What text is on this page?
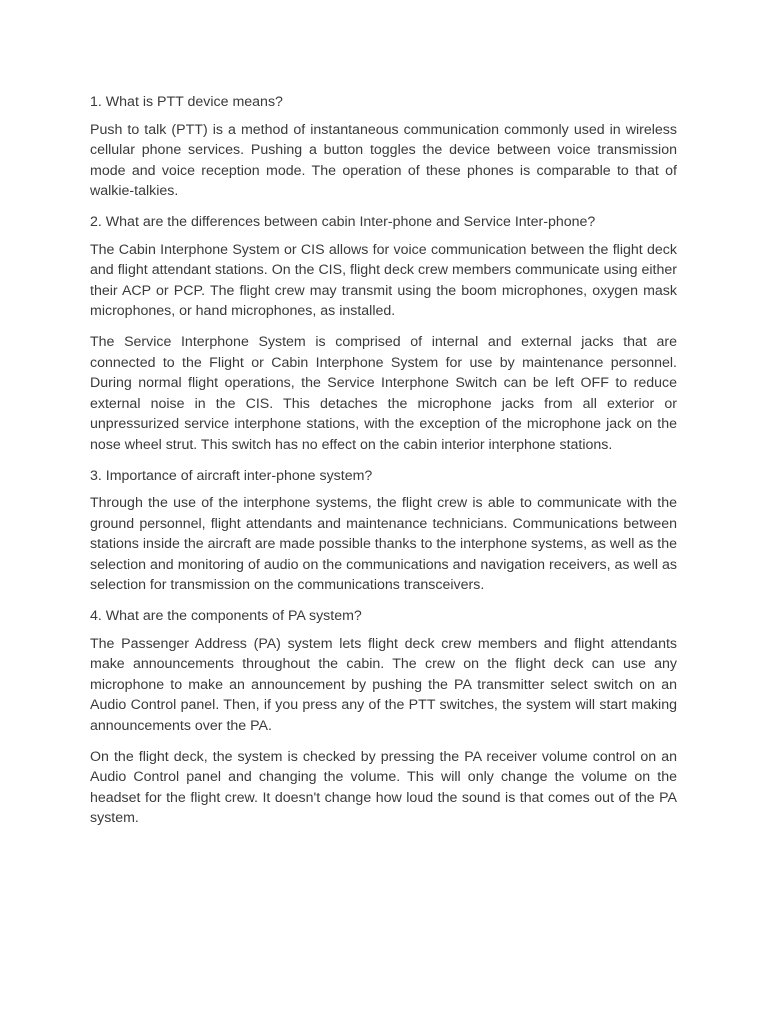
1. What is PTT device means?

Push to talk (PTT) is a method of instantaneous communication commonly used in wireless cellular phone services. Pushing a button toggles the device between voice transmission mode and voice reception mode. The operation of these phones is comparable to that of walkie-talkies.

2. What are the differences between cabin Inter-phone and Service Inter-phone?

The Cabin Interphone System or CIS allows for voice communication between the flight deck and flight attendant stations. On the CIS, flight deck crew members communicate using either their ACP or PCP. The flight crew may transmit using the boom microphones, oxygen mask microphones, or hand microphones, as installed.

The Service Interphone System is comprised of internal and external jacks that are connected to the Flight or Cabin Interphone System for use by maintenance personnel. During normal flight operations, the Service Interphone Switch can be left OFF to reduce external noise in the CIS. This detaches the microphone jacks from all exterior or unpressurized service interphone stations, with the exception of the microphone jack on the nose wheel strut. This switch has no effect on the cabin interior interphone stations.

3. Importance of aircraft inter-phone system?

Through the use of the interphone systems, the flight crew is able to communicate with the ground personnel, flight attendants and maintenance technicians. Communications between stations inside the aircraft are made possible thanks to the interphone systems, as well as the selection and monitoring of audio on the communications and navigation receivers, as well as selection for transmission on the communications transceivers.

4. What are the components of PA system?

The Passenger Address (PA) system lets flight deck crew members and flight attendants make announcements throughout the cabin. The crew on the flight deck can use any microphone to make an announcement by pushing the PA transmitter select switch on an Audio Control panel. Then, if you press any of the PTT switches, the system will start making announcements over the PA.

On the flight deck, the system is checked by pressing the PA receiver volume control on an Audio Control panel and changing the volume. This will only change the volume on the headset for the flight crew. It doesn't change how loud the sound is that comes out of the PA system.
